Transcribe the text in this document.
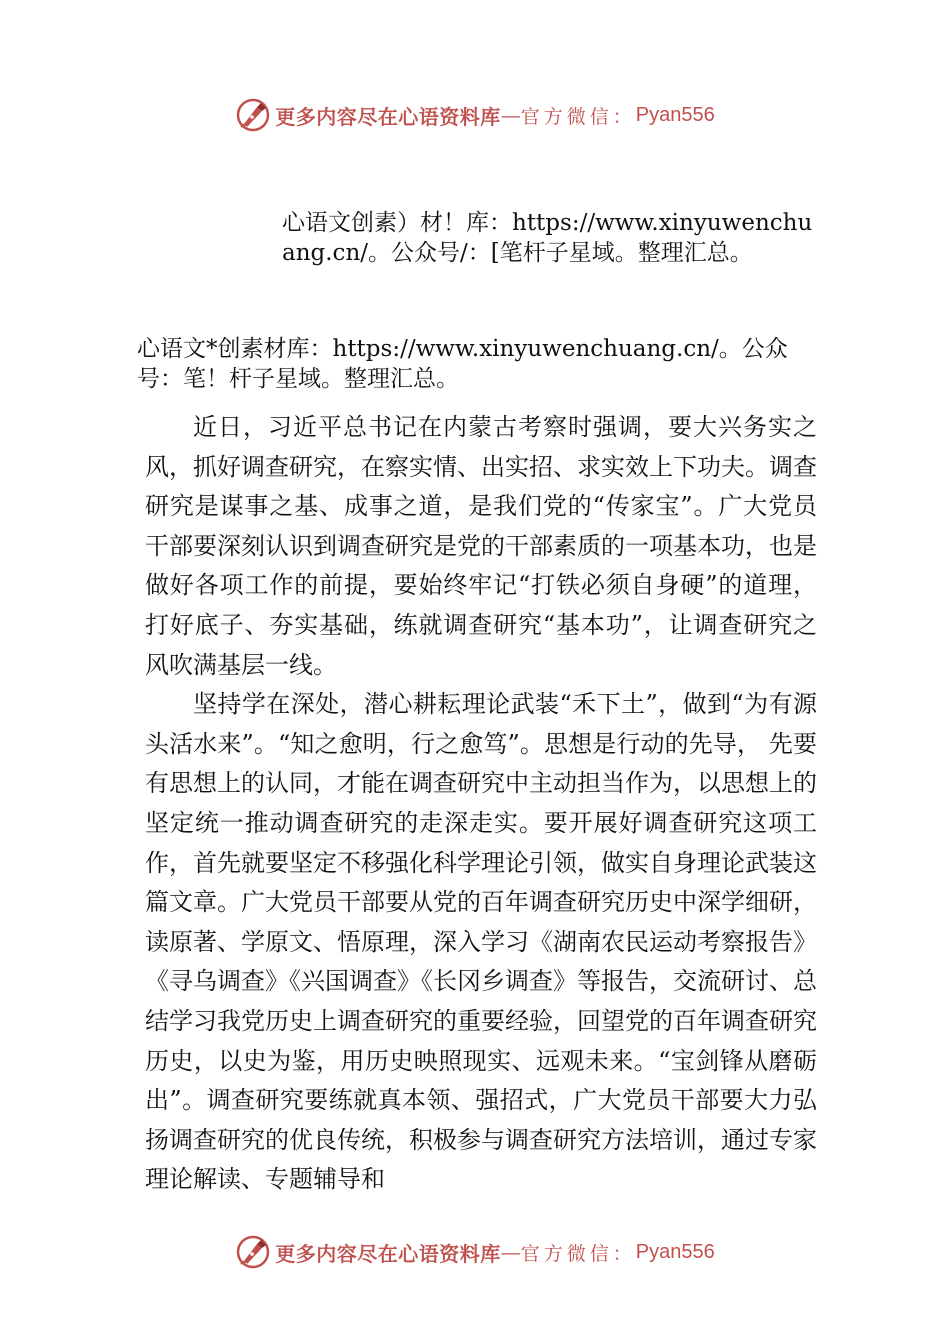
更多内容尽在心语资料库 — 官方微信： Pyan556
心语文创素）材！库：https://www.xinyuwenchuang.cn/。公众号/：[笔杆子星域。整理汇总。
心语文*创素材库：https://www.xinyuwenchuang.cn/。公众号：笔！杆子星域。整理汇总。

近日，习近平总书记在内蒙古考察时强调，要大兴务实之风，抓好调查研究，在察实情、出实招、求实效上下功夫。调查研究是谋事之基、成事之道，是我们党的“传家宝”。广大党员干部要深刻认识到调查研究是党的干部素质的一项基本功，也是做好各项工作的前提，要始终牢记“打铁必须自身硬”的道理，打好底子、夯实基础，练就调查研究“基本功”，让调查研究之风吹满基层一线。

坚持学在深处，潜心耕耘理论武装“禾下土”，做到“为有源头活水来”。“知之愈明，行之愈笃”。思想是行动的先导， 先要有思想上的认同，才能在调查研究中主动担当作为，以思想上的坚定统一推动调查研究的走深走实。要开展好调查研究这项工作，首先就要坚定不移强化科学理论引领，做实自身理论武装这篇文章。广大党员干部要从党的百年调查研究历史中深学细研，读原著、学原文、悟原理，深入学习《湖南农民运动考察报告》《寻乌调查》《兴国调查》《长冈乡调查》等报告，交流研讨、总结学习我党历史上调查研究的重要经验，回望党的百年调查研究历史，以史为鉴，用历史映照现实、远观未来。“宝剑锋从磨砺出”。调查研究要练就真本领、强招式，广大党员干部要大力弘扬调查研究的优良传统，积极参与调查研究方法培训，通过专家理论解读、专题辅导和

更多内容尽在心语资料库 — 官方微信： Pyan556
